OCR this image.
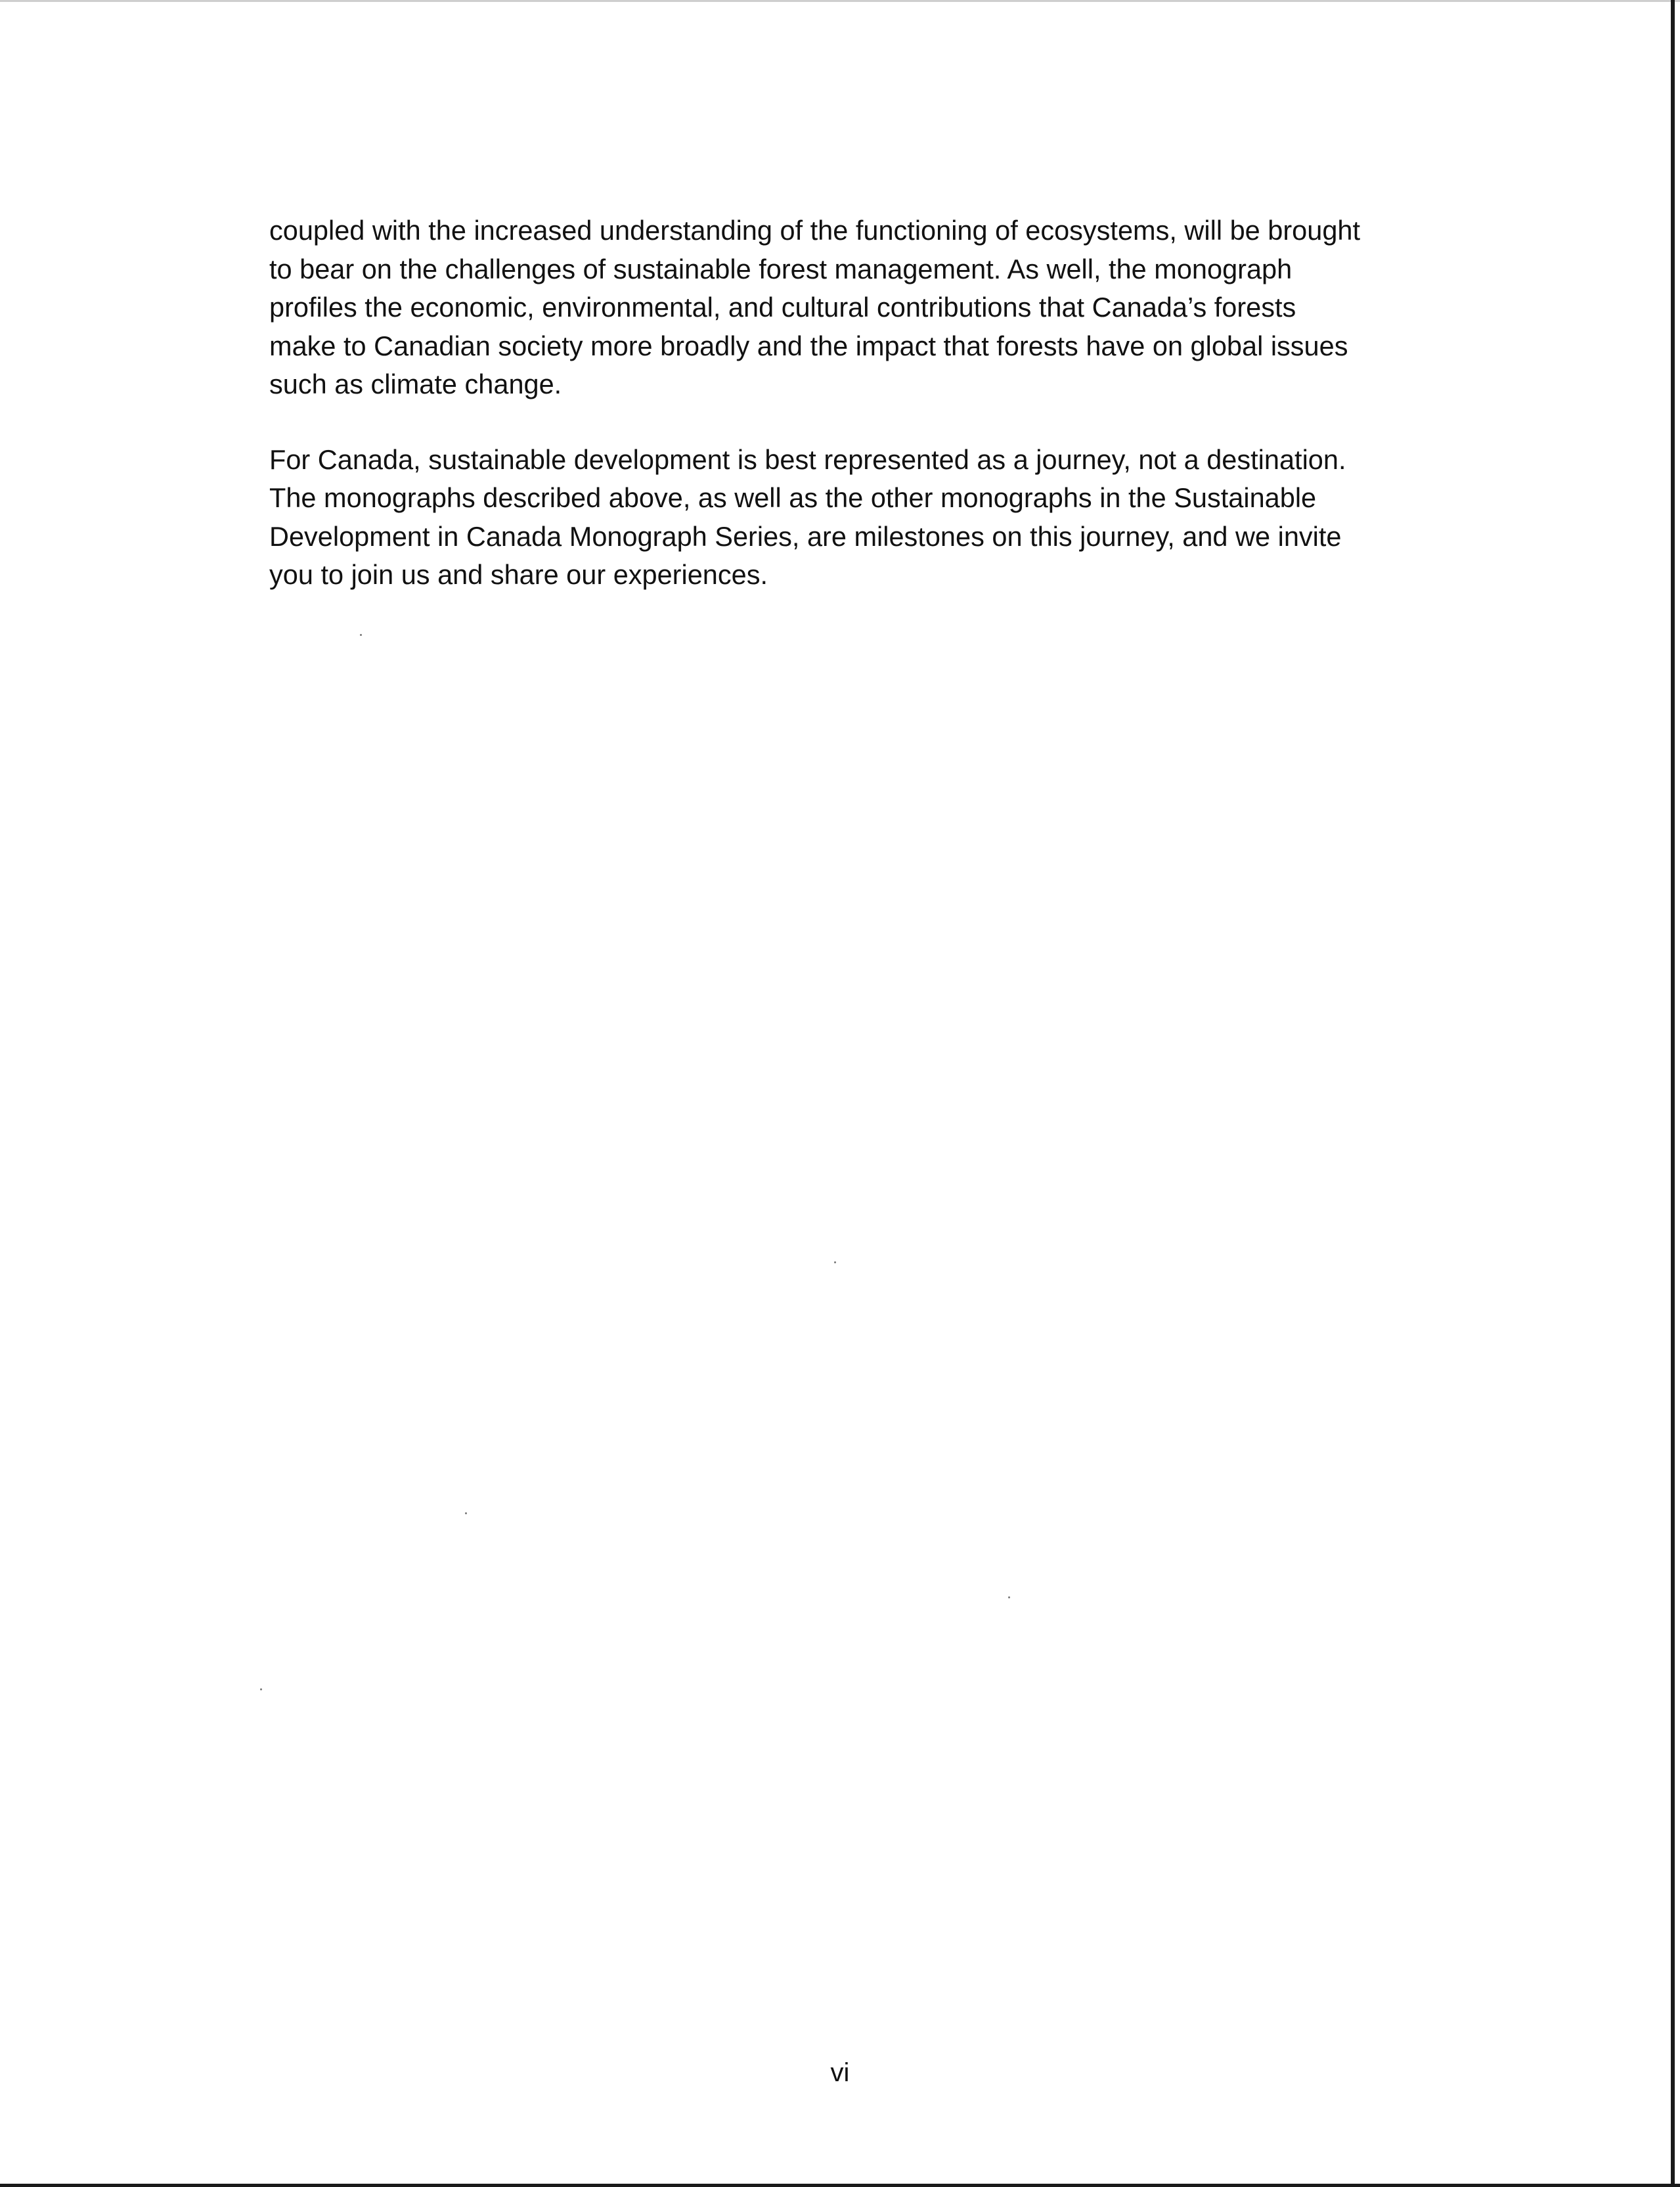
coupled with the increased understanding of the functioning of ecosystems, will be brought
to bear on the challenges of sustainable forest management. As well, the monograph
profiles the economic, environmental, and cultural contributions that Canada’s forests
make to Canadian society more broadly and the impact that forests have on global issues
such as climate change.

For Canada, sustainable development is best represented as a journey, not a destination.
The monographs described above, as well as the other monographs in the Sustainable
Development in Canada Monograph Series, are milestones on this journey, and we invite
you to join us and share our experiences.

vi
